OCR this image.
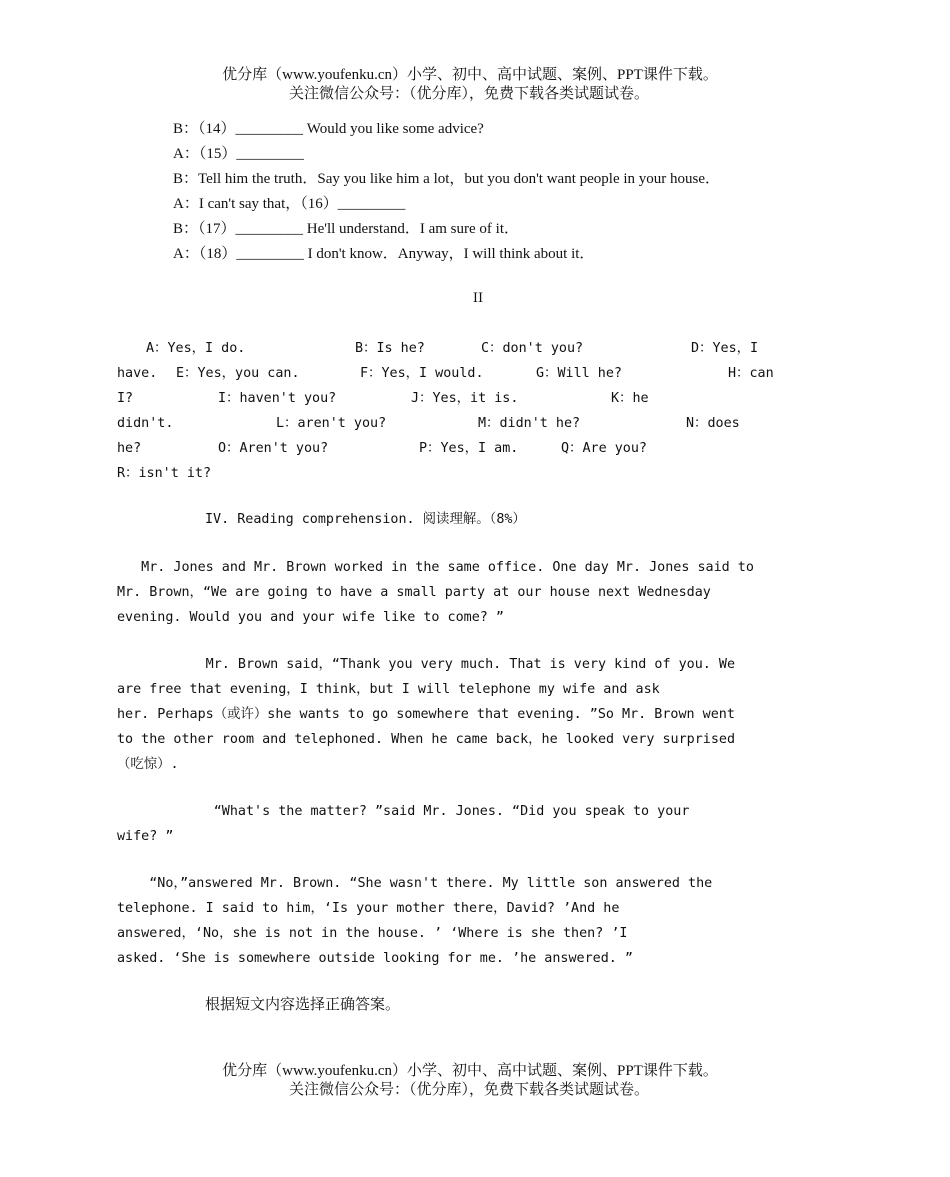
优分库（www.youfenku.cn）小学、初中、高中试题、案例、PPT课件下载。
关注微信公众号：（优分库），免费下载各类试题试卷。
B：（14）_________ Would you like some advice?
A：（15）_________
B：Tell him the truth．Say you like him a lot，but you don't want people in your house．
A：I can't say that，（16）_________
B：（17）_________ He'll understand．I am sure of it．
A：（18）_________ I don't know．Anyway，I will think about it．
II
A：Yes，I do.	B：Is he?	C：don't you?	D：Yes，I
have. E：Yes，you can.	F：Yes，I would.	G：Will he?	H：can
I?	I：haven't you?	J：Yes，it is.	K：he
didn't.	L：aren't you?	M：didn't he?	N：does
he?	O：Aren't you?	P：Yes，I am.	Q：Are you?
R：isn't it?
IV. Reading comprehension. 阅读理解。（8%）
Mr. Jones and Mr. Brown worked in the same office. One day Mr. Jones said to
Mr. Brown，“We are going to have a small party at our house next Wednesday
evening. Would you and your wife like to come? ”
Mr. Brown said，“Thank you very much. That is very kind of you. We
are free that evening，I think，but I will telephone my wife and ask
her. Perhaps（或许）she wants to go somewhere that evening. ”So Mr. Brown went
to the other room and telephoned. When he came back，he looked very surprised
（吃惊）.
“What's the matter? ”said Mr. Jones. “Did you speak to your
wife? ”
“No，”answered Mr. Brown. “She wasn't there. My little son answered the
telephone. I said to him，‘Is your mother there，David? ’And he
answered，‘No，she is not in the house. ’ ‘Where is she then? ’I
asked. ‘She is somewhere outside looking for me. ’he answered. ”
根据短文内容选择正确答案。
优分库（www.youfenku.cn）小学、初中、高中试题、案例、PPT课件下载。
关注微信公众号：（优分库），免费下载各类试题试卷。
